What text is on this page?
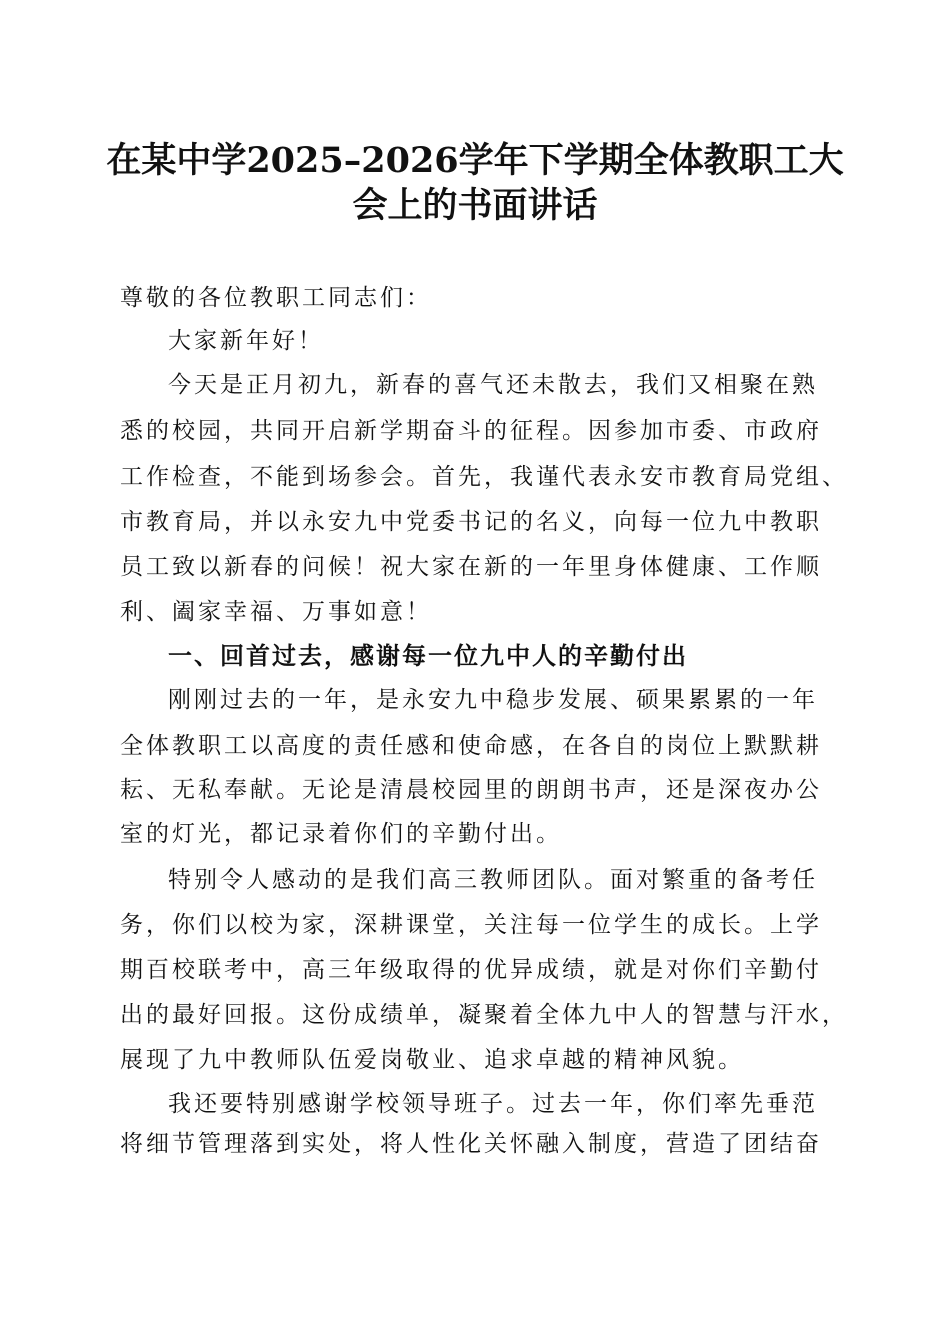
在某中学2025–2026学年下学期全体教职工大
会上的书面讲话
尊敬的各位教职工同志们：
大家新年好！
今天是正月初九，新春的喜气还未散去，我们又相聚在熟
悉的校园，共同开启新学期奋斗的征程。因参加市委、市政府
工作检查，不能到场参会。首先，我谨代表永安市教育局党组、
市教育局，并以永安九中党委书记的名义，向每一位九中教职
员工致以新春的问候！祝大家在新的一年里身体健康、工作顺
利、阖家幸福、万事如意！
一、回首过去，感谢每一位九中人的辛勤付出
刚刚过去的一年，是永安九中稳步发展、硕果累累的一年
全体教职工以高度的责任感和使命感，在各自的岗位上默默耕
耘、无私奉献。无论是清晨校园里的朗朗书声，还是深夜办公
室的灯光，都记录着你们的辛勤付出。
特别令人感动的是我们高三教师团队。面对繁重的备考任
务，你们以校为家，深耕课堂，关注每一位学生的成长。上学
期百校联考中，高三年级取得的优异成绩，就是对你们辛勤付
出的最好回报。这份成绩单，凝聚着全体九中人的智慧与汗水，
展现了九中教师队伍爱岗敬业、追求卓越的精神风貌。
我还要特别感谢学校领导班子。过去一年，你们率先垂范
将细节管理落到实处，将人性化关怀融入制度，营造了团结奋
